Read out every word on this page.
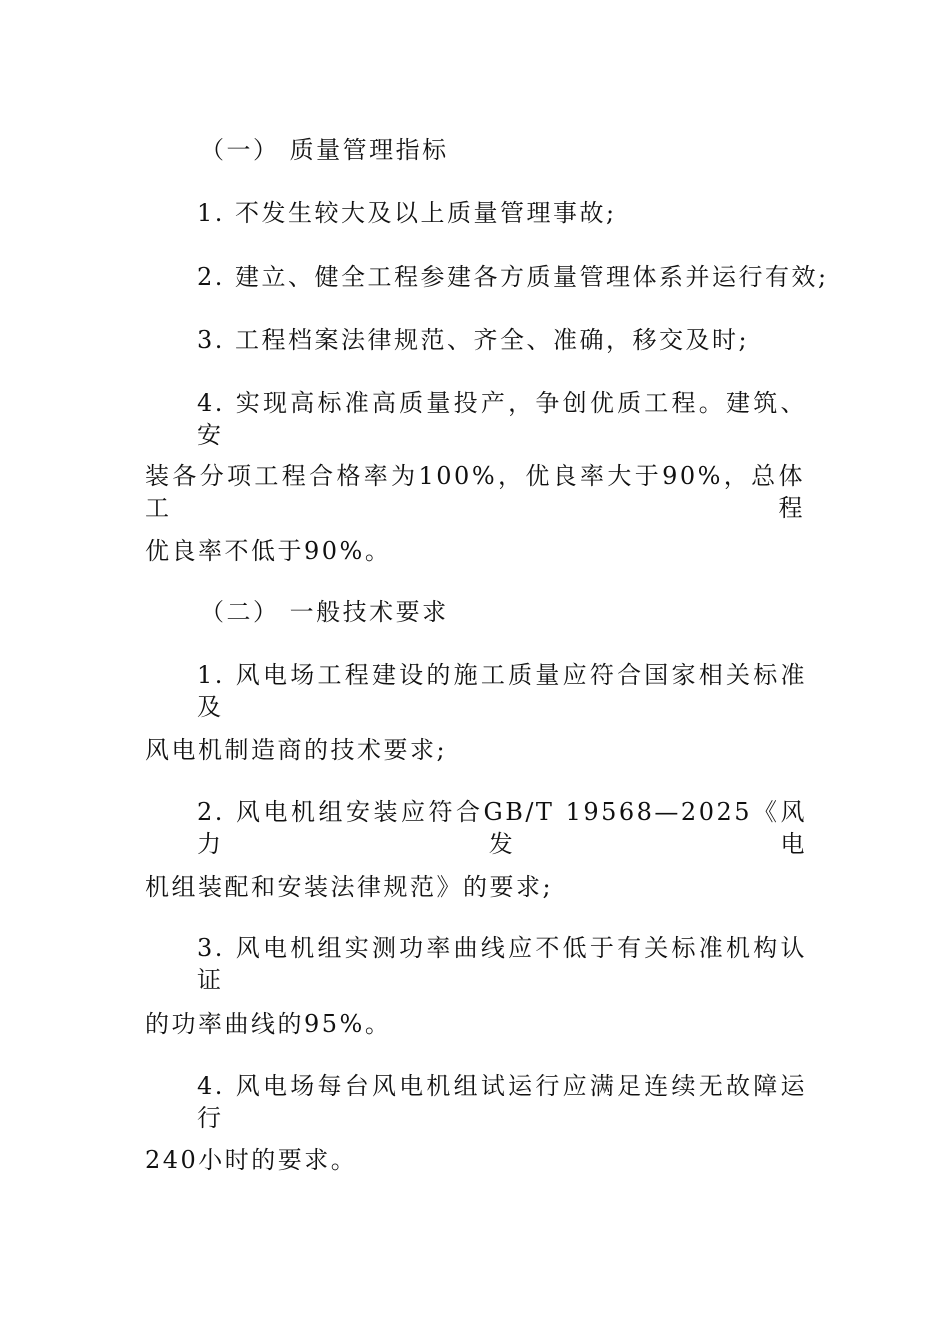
（一） 质量管理指标
1. 不发生较大及以上质量管理事故;
2. 建立、健全工程参建各方质量管理体系并运行有效;
3. 工程档案法律规范、齐全、准确，移交及时;
4. 实现高标准高质量投产，争创优质工程。建筑、安
装各分项工程合格率为100%，优良率大于90%，总体工程
优良率不低于90%。
（二） 一般技术要求
1. 风电场工程建设的施工质量应符合国家相关标准及
风电机制造商的技术要求;
2. 风电机组安装应符合GB/T 19568—2025《风力发电
机组装配和安装法律规范》的要求;
3. 风电机组实测功率曲线应不低于有关标准机构认证
的功率曲线的95%。
4. 风电场每台风电机组试运行应满足连续无故障运行
240小时的要求。
